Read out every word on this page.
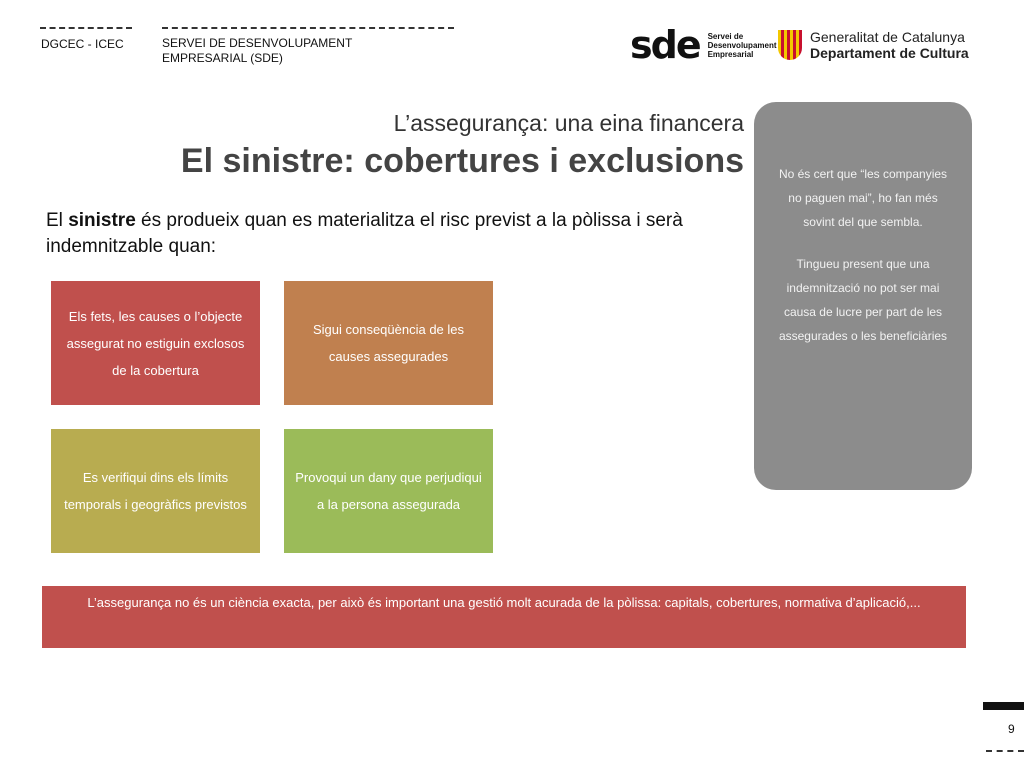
DGCEC - ICEC	SERVEI DE DESENVOLUPAMENT
EMPRESARIAL (SDE)	sde Servei de
Desenvolupament
Empresarial
Generalitat de Catalunya
Departament de Cultura
L’assegurança: una eina financera
El sinistre: cobertures i exclusions
El sinistre és produeix quan es materialitza el risc previst a la pòlissa i serà indemnitzable quan:
Els fets, les causes o l’objecte assegurat no estiguin exclosos de la cobertura
Sigui conseqüència de les causes assegurades
Es verifiqui dins els límits temporals i geogràfics previstos
Provoqui un dany que perjudiqui a la persona assegurada

No és cert que “les companyies no paguen mai”, ho fan més sovint del que sembla.

Tingueu present que una indemnització no pot ser mai causa de lucre per part de les assegurades o les beneficiàries

L’assegurança no és un ciència exacta, per això és important una gestió molt acurada de la pòlissa: capitals, cobertures, normativa d’aplicació,...
9
